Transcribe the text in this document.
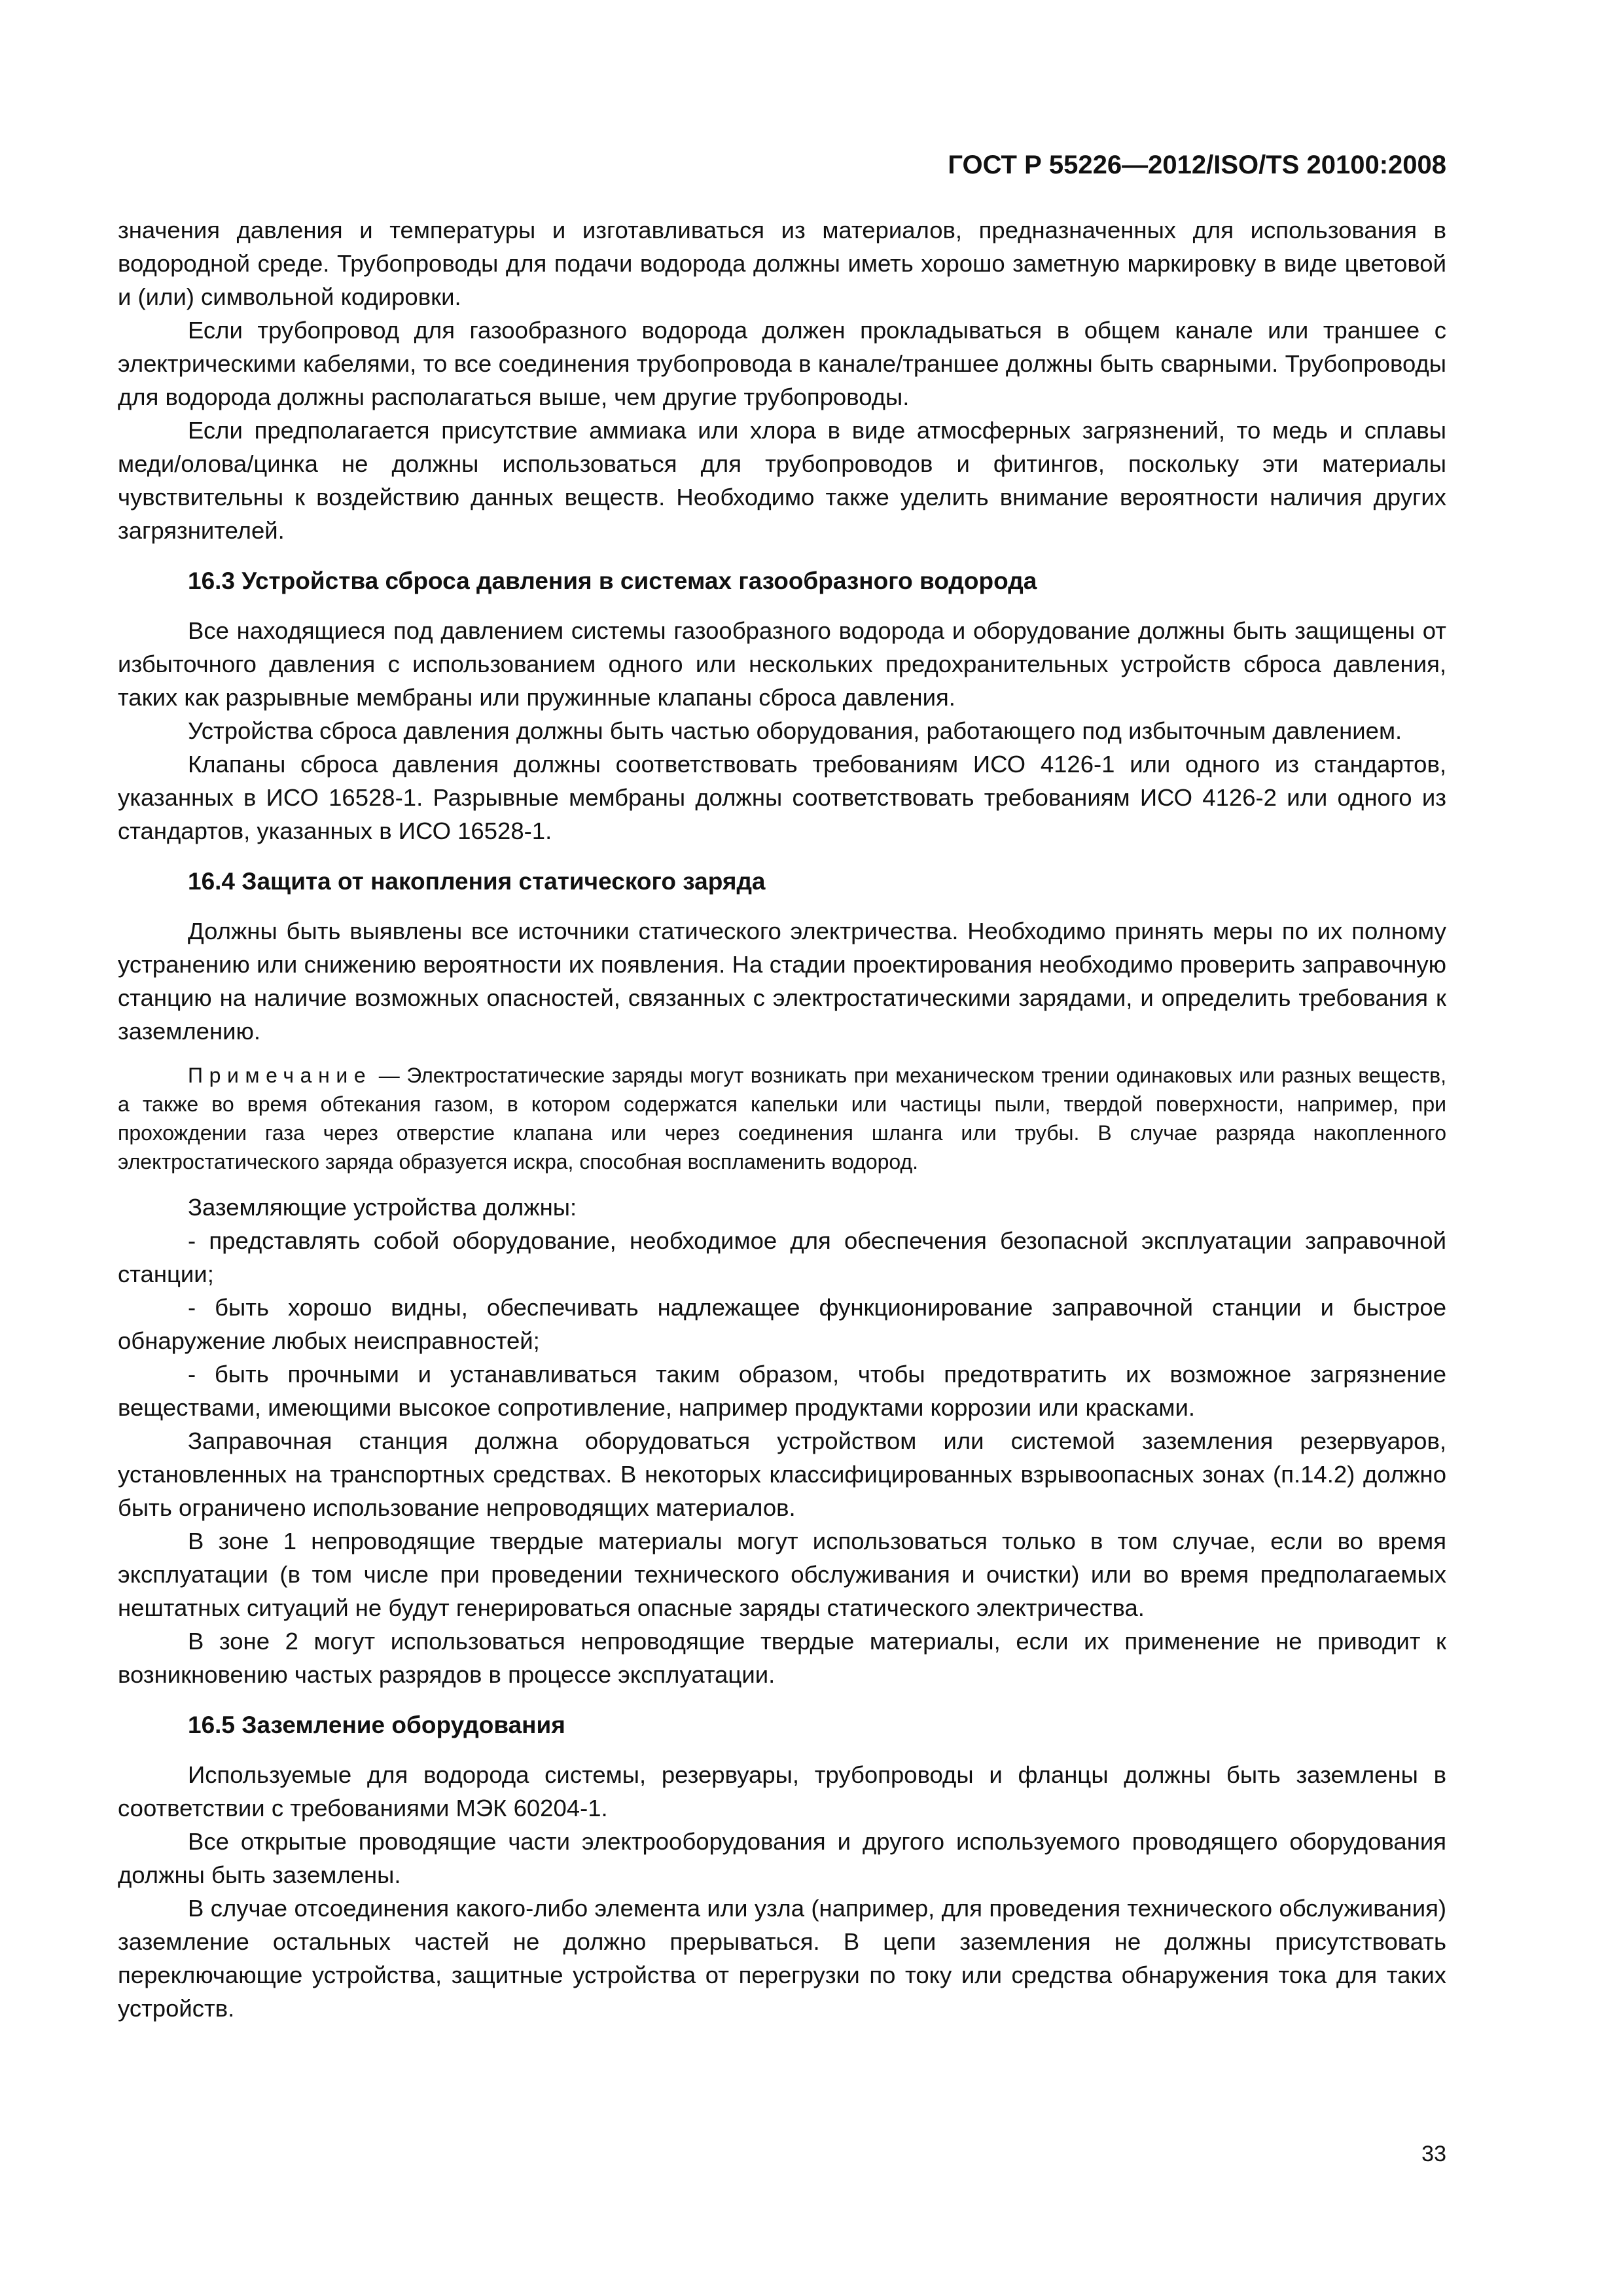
ГОСТ Р 55226—2012/ISO/TS 20100:2008

значения давления и температуры и изготавливаться из материалов, предназначенных для использования в водородной среде. Трубопроводы для подачи водорода должны иметь хорошо заметную маркировку в виде цветовой и (или) символьной кодировки.

Если трубопровод для газообразного водорода должен прокладываться в общем канале или траншее с электрическими кабелями, то все соединения трубопровода в канале/траншее должны быть сварными. Трубопроводы для водорода должны располагаться выше, чем другие трубопроводы.

Если предполагается присутствие аммиака или хлора в виде атмосферных загрязнений, то медь и сплавы меди/олова/цинка не должны использоваться для трубопроводов и фитингов, поскольку эти материалы чувствительны к воздействию данных веществ. Необходимо также уделить внимание вероятности наличия других загрязнителей.

16.3 Устройства сброса давления в системах газообразного водорода

Все находящиеся под давлением системы газообразного водорода и оборудование должны быть защищены от избыточного давления с использованием одного или нескольких предохранительных устройств сброса давления, таких как разрывные мембраны или пружинные клапаны сброса давления.

Устройства сброса давления должны быть частью оборудования, работающего под избыточным давлением.

Клапаны сброса давления должны соответствовать требованиям ИСО 4126-1 или одного из стандартов, указанных в ИСО 16528-1. Разрывные мембраны должны соответствовать требованиям ИСО 4126-2 или одного из стандартов, указанных в ИСО 16528-1.

16.4 Защита от накопления статического заряда

Должны быть выявлены все источники статического электричества. Необходимо принять меры по их полному устранению или снижению вероятности их появления. На стадии проектирования необходимо проверить заправочную станцию на наличие возможных опасностей, связанных с электростатическими зарядами, и определить требования к заземлению.

Примечание — Электростатические заряды могут возникать при механическом трении одинаковых или разных веществ, а также во время обтекания газом, в котором содержатся капельки или частицы пыли, твердой поверхности, например, при прохождении газа через отверстие клапана или через соединения шланга или трубы. В случае разряда накопленного электростатического заряда образуется искра, способная воспламенить водород.

Заземляющие устройства должны:

- представлять собой оборудование, необходимое для обеспечения безопасной эксплуатации заправочной станции;

- быть хорошо видны, обеспечивать надлежащее функционирование заправочной станции и быстрое обнаружение любых неисправностей;

- быть прочными и устанавливаться таким образом, чтобы предотвратить их возможное загрязнение веществами, имеющими высокое сопротивление, например продуктами коррозии или красками.

Заправочная станция должна оборудоваться устройством или системой заземления резервуаров, установленных на транспортных средствах. В некоторых классифицированных взрывоопасных зонах (п.14.2) должно быть ограничено использование непроводящих материалов.

В зоне 1 непроводящие твердые материалы могут использоваться только в том случае, если во время эксплуатации (в том числе при проведении технического обслуживания и очистки) или во время предполагаемых нештатных ситуаций не будут генерироваться опасные заряды статического электричества.

В зоне 2 могут использоваться непроводящие твердые материалы, если их применение не приводит к возникновению частых разрядов в процессе эксплуатации.

16.5 Заземление оборудования

Используемые для водорода системы, резервуары, трубопроводы и фланцы должны быть заземлены в соответствии с требованиями МЭК 60204-1.

Все открытые проводящие части электрооборудования и другого используемого проводящего оборудования должны быть заземлены.

В случае отсоединения какого-либо элемента или узла (например, для проведения технического обслуживания) заземление остальных частей не должно прерываться. В цепи заземления не должны присутствовать переключающие устройства, защитные устройства от перегрузки по току или средства обнаружения тока для таких устройств.

33
